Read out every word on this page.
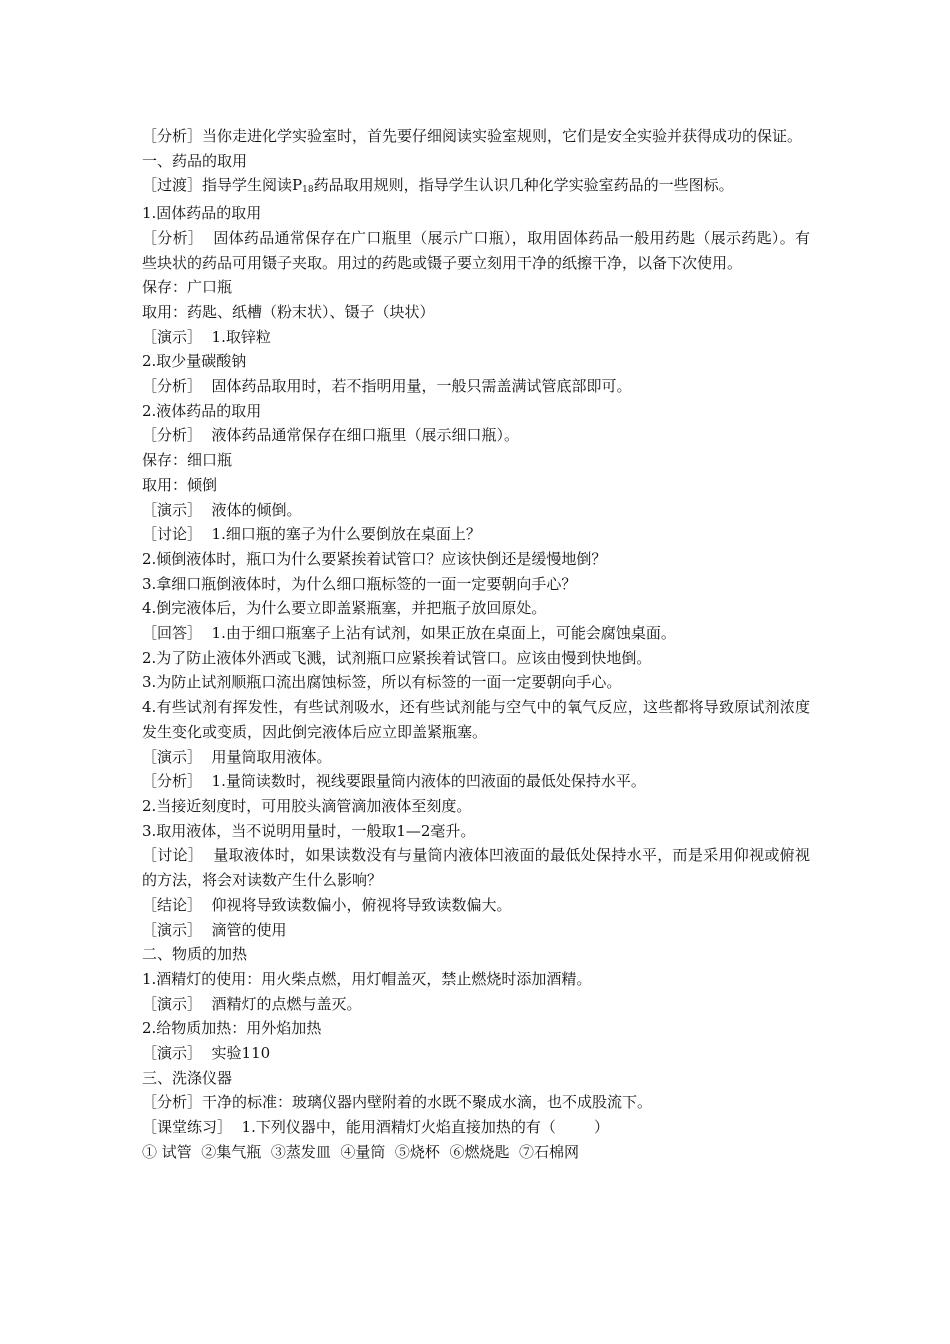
［分析］当你走进化学实验室时，首先要仔细阅读实验室规则，它们是安全实验并获得成功的保证。

一、药品的取用

［过渡］指导学生阅读$P_{18}$药品取用规则，指导学生认识几种化学实验室药品的一些图标。

1.固体药品的取用

［分析］  固体药品通常保存在广口瓶里（展示广口瓶），取用固体药品一般用药匙（展示药匙）。有些块状的药品可用镊子夹取。用过的药匙或镊子要立刻用干净的纸擦干净，以备下次使用。

保存：广口瓶

取用：药匙、纸槽（粉末状）、镊子（块状）

［演示］  1.取锌粒

2.取少量碳酸钠

［分析］  固体药品取用时，若不指明用量，一般只需盖满试管底部即可。

2.液体药品的取用

［分析］  液体药品通常保存在细口瓶里（展示细口瓶）。

保存：细口瓶

取用：倾倒

［演示］  液体的倾倒。

［讨论］  1.细口瓶的塞子为什么要倒放在桌面上？

2.倾倒液体时，瓶口为什么要紧挨着试管口？应该快倒还是缓慢地倒？

3.拿细口瓶倒液体时，为什么细口瓶标签的一面一定要朝向手心？

4.倒完液体后，为什么要立即盖紧瓶塞，并把瓶子放回原处。

［回答］  1.由于细口瓶塞子上沾有试剂，如果正放在桌面上，可能会腐蚀桌面。

2.为了防止液体外洒或飞溅，试剂瓶口应紧挨着试管口。应该由慢到快地倒。

3.为防止试剂顺瓶口流出腐蚀标签，所以有标签的一面一定要朝向手心。

4.有些试剂有挥发性，有些试剂吸水，还有些试剂能与空气中的氧气反应，这些都将导致原试剂浓度发生变化或变质，因此倒完液体后应立即盖紧瓶塞。

［演示］  用量筒取用液体。

［分析］  1.量筒读数时，视线要跟量筒内液体的凹液面的最低处保持水平。

2.当接近刻度时，可用胶头滴管滴加液体至刻度。

3.取用液体，当不说明用量时，一般取1—2毫升。

［讨论］  量取液体时，如果读数没有与量筒内液体凹液面的最低处保持水平，而是采用仰视或俯视的方法，将会对读数产生什么影响？

［结论］  仰视将导致读数偏小，俯视将导致读数偏大。

［演示］  滴管的使用

二、物质的加热

1.酒精灯的使用：用火柴点燃，用灯帽盖灭，禁止燃烧时添加酒精。

［演示］  酒精灯的点燃与盖灭。

2.给物质加热：用外焰加热

［演示］  实验110

三、洗涤仪器

［分析］干净的标准：玻璃仪器内壁附着的水既不聚成水滴，也不成股流下。

［课堂练习］  1.下列仪器中，能用酒精灯火焰直接加热的有（        ）

① 试管  ②集气瓶  ③蒸发皿  ④量筒  ⑤烧杯  ⑥燃烧匙  ⑦石棉网
